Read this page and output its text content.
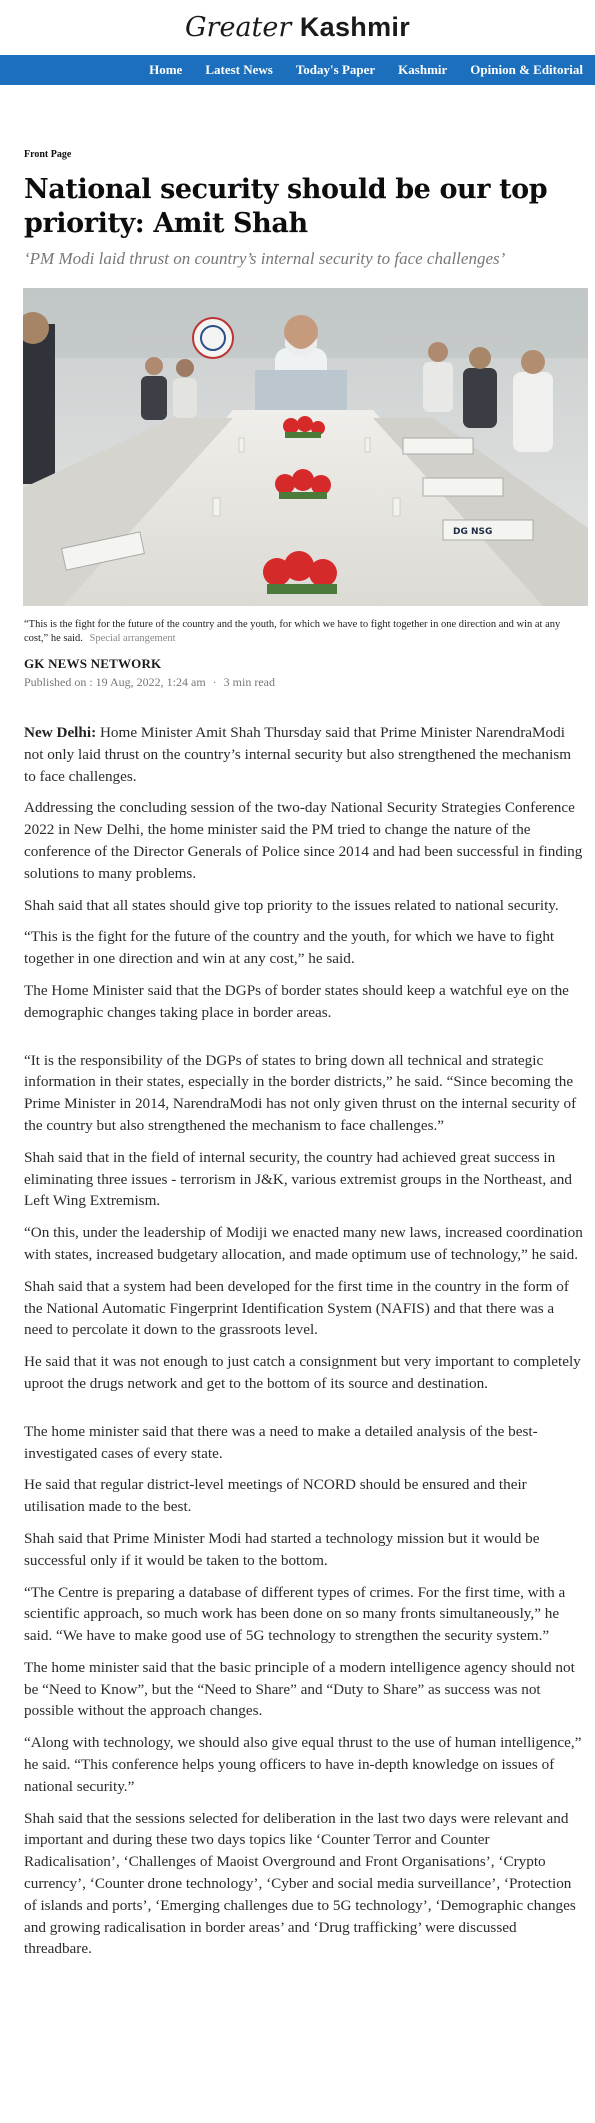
Greater Kashmir
Home Latest News Today's Paper Kashmir Opinion & Editorial
Front Page
National security should be our top priority: Amit Shah
‘PM Modi laid thrust on country’s internal security to face challenges’
DG NSG
“This is the fight for the future of the country and the youth, for which we have to fight together in one direction and win at any cost,” he said. Special arrangement
GK NEWS NETWORK
Published on : 19 Aug, 2022, 1:24 am · 3 min read

New Delhi: Home Minister Amit Shah Thursday said that Prime Minister NarendraModi not only laid thrust on the country’s internal security but also strengthened the mechanism to face challenges.

Addressing the concluding session of the two-day National Security Strategies Conference 2022 in New Delhi, the home minister said the PM tried to change the nature of the conference of the Director Generals of Police since 2014 and had been successful in finding solutions to many problems.

Shah said that all states should give top priority to the issues related to national security.

“This is the fight for the future of the country and the youth, for which we have to fight together in one direction and win at any cost,” he said.

The Home Minister said that the DGPs of border states should keep a watchful eye on the demographic changes taking place in border areas.

“It is the responsibility of the DGPs of states to bring down all technical and strategic information in their states, especially in the border districts,” he said. “Since becoming the Prime Minister in 2014, NarendraModi has not only given thrust on the internal security of the country but also strengthened the mechanism to face challenges.”

Shah said that in the field of internal security, the country had achieved great success in eliminating three issues - terrorism in J&K, various extremist groups in the Northeast, and Left Wing Extremism.

“On this, under the leadership of Modiji we enacted many new laws, increased coordination with states, increased budgetary allocation, and made optimum use of technology,” he said.

Shah said that a system had been developed for the first time in the country in the form of the National Automatic Fingerprint Identification System (NAFIS) and that there was a need to percolate it down to the grassroots level.

He said that it was not enough to just catch a consignment but very important to completely uproot the drugs network and get to the bottom of its source and destination.

The home minister said that there was a need to make a detailed analysis of the best-investigated cases of every state.

He said that regular district-level meetings of NCORD should be ensured and their utilisation made to the best.

Shah said that Prime Minister Modi had started a technology mission but it would be successful only if it would be taken to the bottom.

“The Centre is preparing a database of different types of crimes. For the first time, with a scientific approach, so much work has been done on so many fronts simultaneously,” he said. “We have to make good use of 5G technology to strengthen the security system.”

The home minister said that the basic principle of a modern intelligence agency should not be “Need to Know”, but the “Need to Share” and “Duty to Share” as success was not possible without the approach changes.

“Along with technology, we should also give equal thrust to the use of human intelligence,” he said. “This conference helps young officers to have in-depth knowledge on issues of national security.”

Shah said that the sessions selected for deliberation in the last two days were relevant and important and during these two days topics like ‘Counter Terror and Counter Radicalisation’, ‘Challenges of Maoist Overground and Front Organisations’, ‘Crypto currency’, ‘Counter drone technology’, ‘Cyber and social media surveillance’, ‘Protection of islands and ports’, ‘Emerging challenges due to 5G technology’, ‘Demographic changes and growing radicalisation in border areas’ and ‘Drug trafficking’ were discussed threadbare.
